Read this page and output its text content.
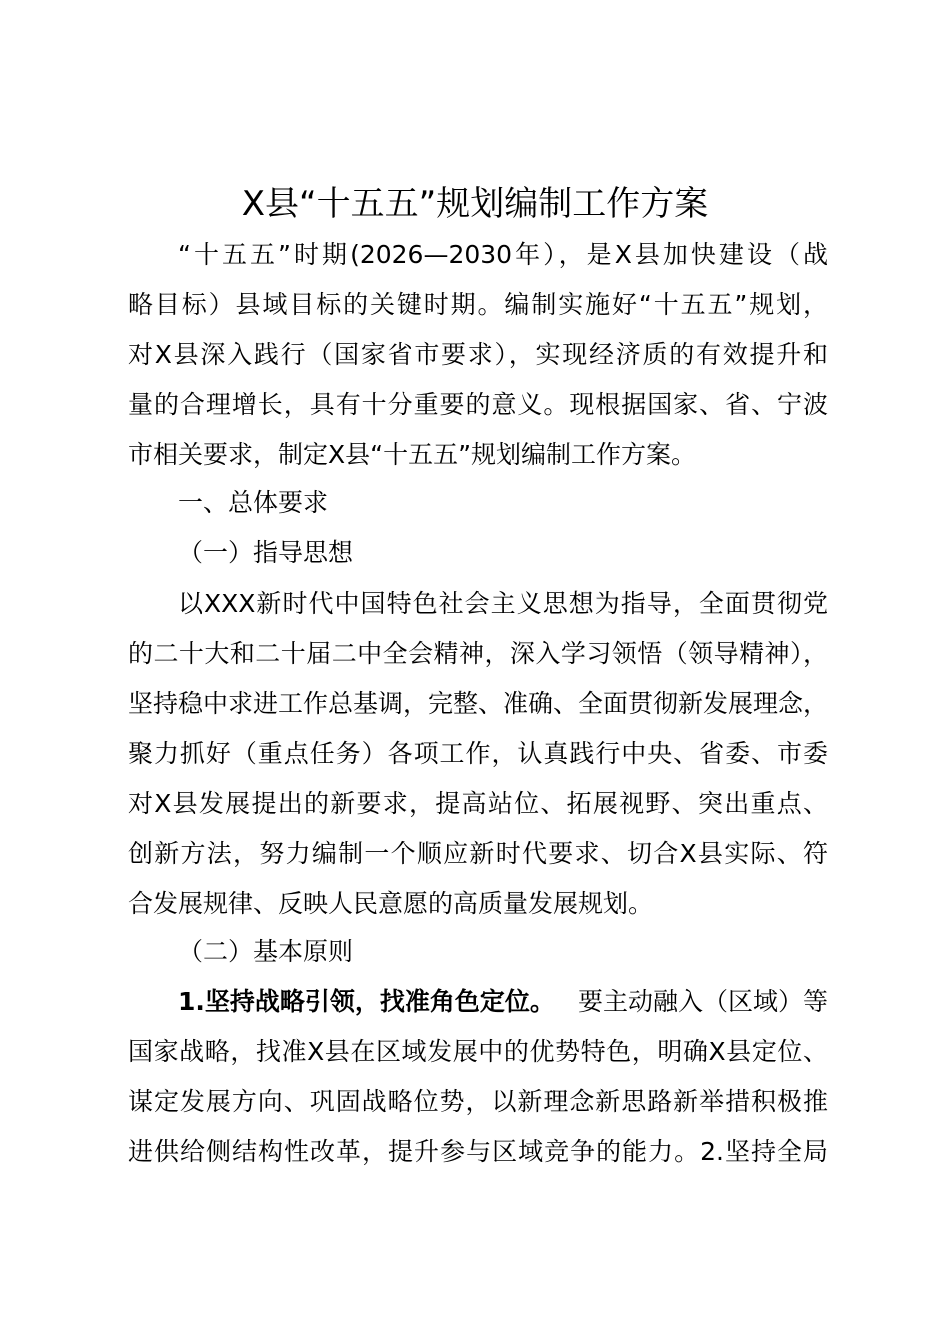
X县“十五五”规划编制工作方案
“十五五”时期(2026—2030年），是X县加快建设（战
略目标）县域目标的关键时期。编制实施好“十五五”规划，
对X县深入践行（国家省市要求），实现经济质的有效提升和
量的合理增长，具有十分重要的意义。现根据国家、省、宁波
市相关要求，制定X县“十五五”规划编制工作方案。
一、总体要求
（一）指导思想
以XXX新时代中国特色社会主义思想为指导，全面贯彻党
的二十大和二十届二中全会精神，深入学习领悟（领导精神），
坚持稳中求进工作总基调，完整、准确、全面贯彻新发展理念，
聚力抓好（重点任务）各项工作，认真践行中央、省委、市委
对X县发展提出的新要求，提高站位、拓展视野、突出重点、
创新方法，努力编制一个顺应新时代要求、切合X县实际、符
合发展规律、反映人民意愿的高质量发展规划。
（二）基本原则
1.坚持战略引领，找准角色定位。 要主动融入（区域）等
国家战略，找准X县在区域发展中的优势特色，明确X县定位、
谋定发展方向、巩固战略位势，以新理念新思路新举措积极推
进供给侧结构性改革，提升参与区域竞争的能力。2.坚持全局
